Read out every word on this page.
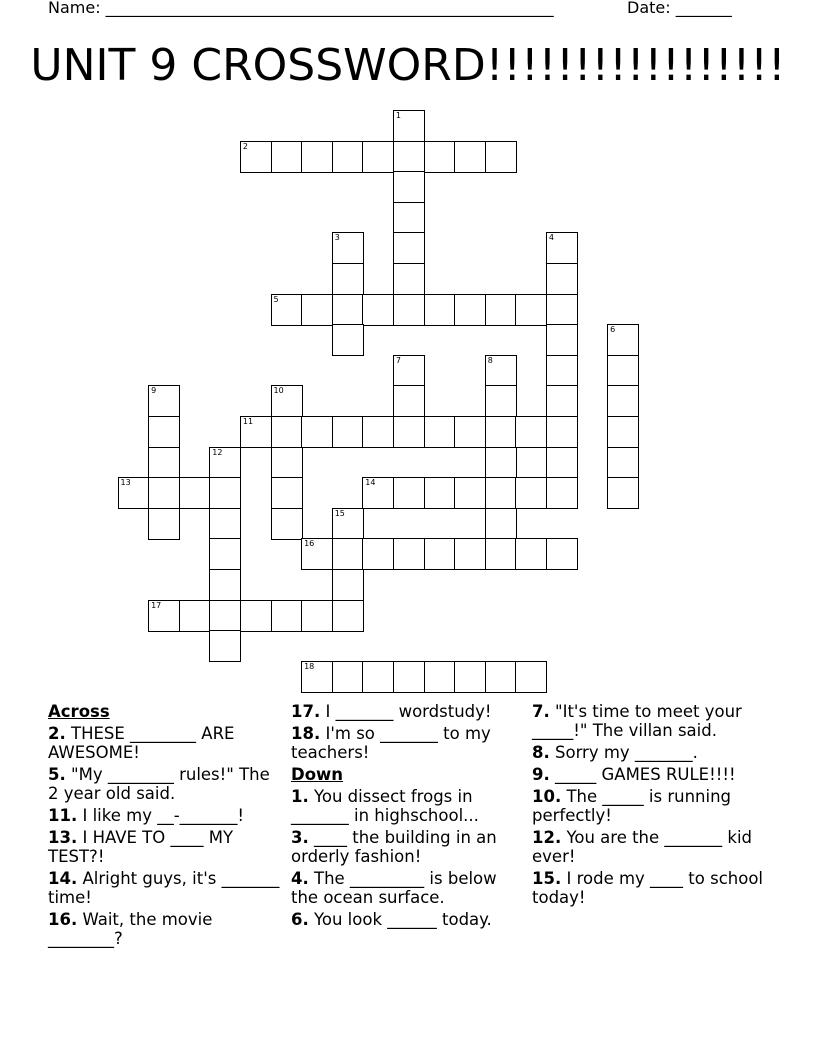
Name: ________________________________________________________	Date: _______
UNIT 9 CROSSWORD!!!!!!!!!!!!!!!!!
1
2
3	4
5
6
7	8
9	10
11
12
13	14
15
16
17
18
Across
2. THESE ________ ARE AWESOME!
5. "My ________ rules!" The 2 year old said.
11. I like my __-_______!
13. I HAVE TO ____ MY TEST?!
14. Alright guys, it's _______ time!
16. Wait, the movie ________?
17. I _______ wordstudy!
18. I'm so _______ to my teachers!
Down
1. You dissect frogs in _______ in highschool...
3. ____ the building in an orderly fashion!
4. The _________ is below the ocean surface.
6. You look ______ today.
7. "It's time to meet your _____!" The villan said.
8. Sorry my _______.
9. _____ GAMES RULE!!!!
10. The _____ is running perfectly!
12. You are the _______ kid ever!
15. I rode my ____ to school today!
